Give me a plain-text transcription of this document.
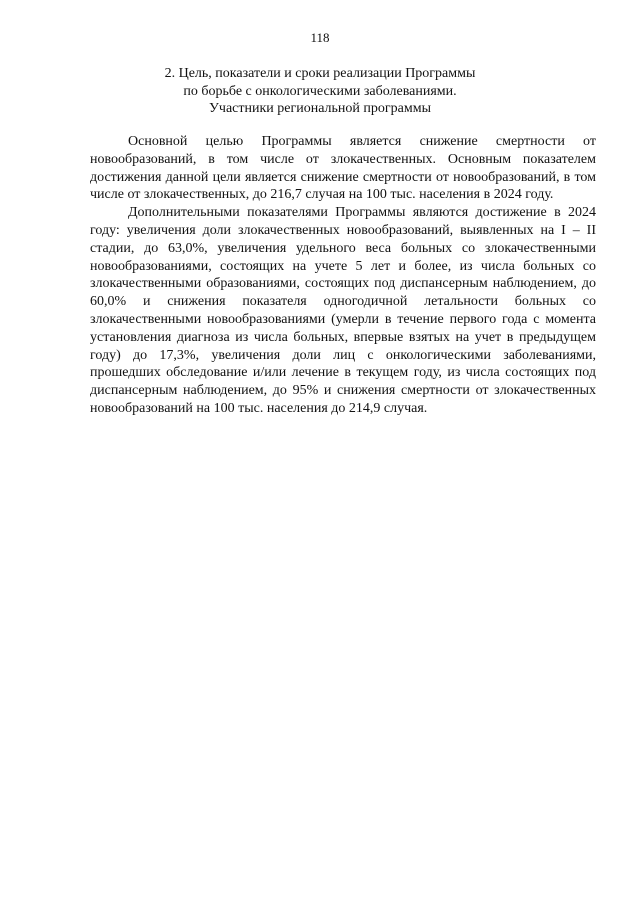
118
2. Цель, показатели и сроки реализации Программы
по борьбе с онкологическими заболеваниями.
Участники региональной программы

Основной целью Программы является снижение смертности от новообразований, в том числе от злокачественных. Основным показателем достижения данной цели является снижение смертности от новообразований, в том числе от злокачественных, до 216,7 случая на 100 тыс. населения в 2024 году.

Дополнительными показателями Программы являются достижение в 2024 году: увеличения доли злокачественных новообразований, выявленных на I – II стадии, до 63,0%, увеличения удельного веса больных со злокачественными новообразованиями, состоящих на учете 5 лет и более, из числа больных со злокачественными образованиями, состоящих под диспансерным наблюдением, до 60,0% и снижения показателя одногодичной летальности больных со злокачественными новообразованиями (умерли в течение первого года с момента установления диагноза из числа больных, впервые взятых на учет в предыдущем году) до 17,3%, увеличения доли лиц с онкологическими заболеваниями, прошедших обследование и/или лечение в текущем году, из числа состоящих под диспансерным наблюдением, до 95% и снижения смертности от злокачественных новообразований на 100 тыс. населения до 214,9 случая.
